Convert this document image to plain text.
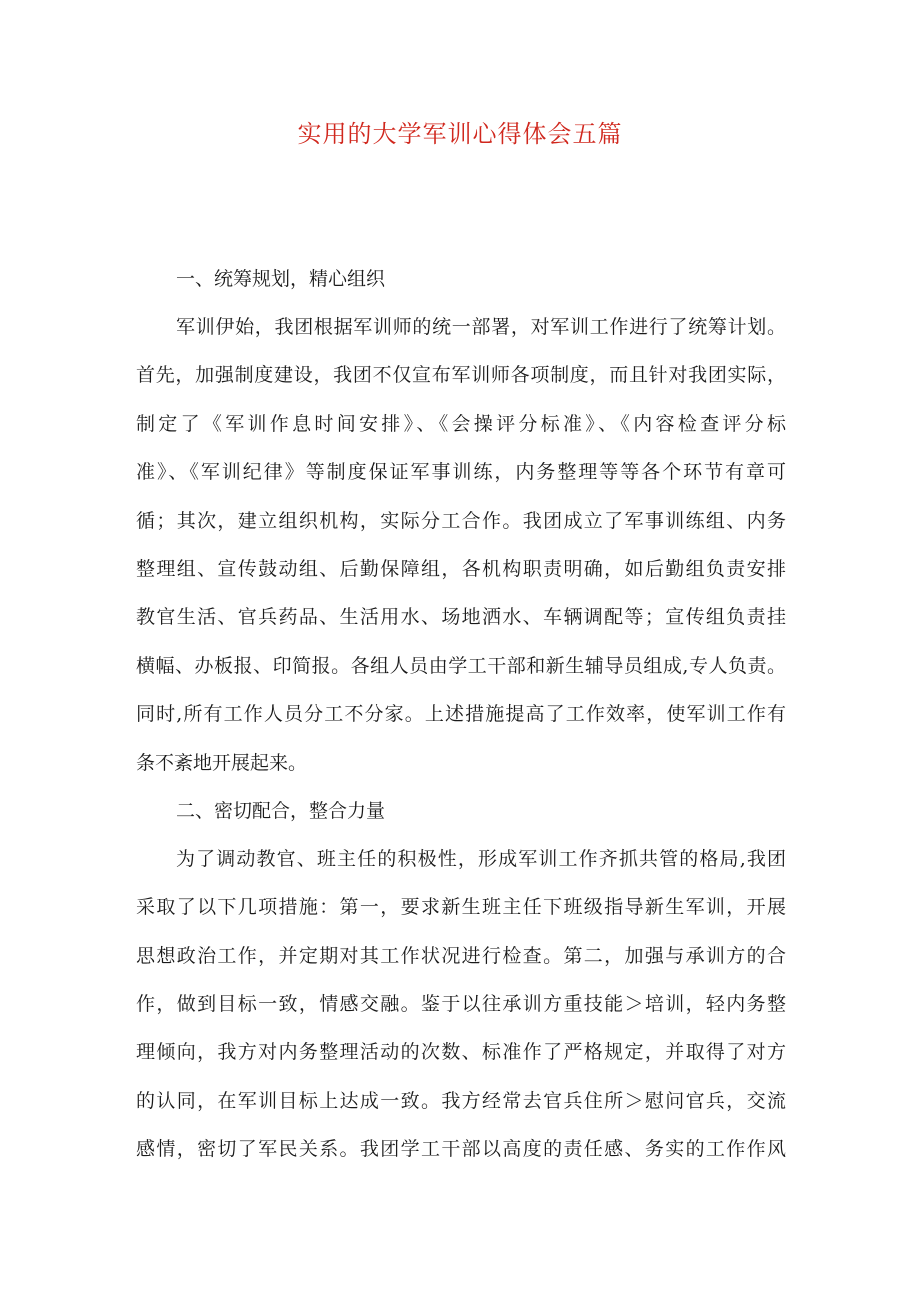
实用的大学军训心得体会五篇

一、统筹规划，精心组织

军训伊始，我团根据军训师的统一部署，对军训工作进行了统筹计划。
首先，加强制度建设，我团不仅宣布军训师各项制度，而且针对我团实际，
制定了《军训作息时间安排》、《会操评分标准》、《内容检查评分标
准》、《军训纪律》等制度保证军事训练，内务整理等等各个环节有章可
循；其次，建立组织机构，实际分工合作。我团成立了军事训练组、内务
整理组、宣传鼓动组、后勤保障组，各机构职责明确，如后勤组负责安排
教官生活、官兵药品、生活用水、场地洒水、车辆调配等；宣传组负责挂
横幅、办板报、印简报。各组人员由学工干部和新生辅导员组成,专人负责。
同时,所有工作人员分工不分家。上述措施提高了工作效率，使军训工作有
条不紊地开展起来。

二、密切配合，整合力量

为了调动教官、班主任的积极性，形成军训工作齐抓共管的格局,我团
采取了以下几项措施：第一，要求新生班主任下班级指导新生军训，开展
思想政治工作，并定期对其工作状况进行检查。第二，加强与承训方的合
作，做到目标一致，情感交融。鉴于以往承训方重技能＞培训，轻内务整
理倾向，我方对内务整理活动的次数、标准作了严格规定，并取得了对方
的认同，在军训目标上达成一致。我方经常去官兵住所＞慰问官兵，交流
感情，密切了军民关系。我团学工干部以高度的责任感、务实的工作作风
